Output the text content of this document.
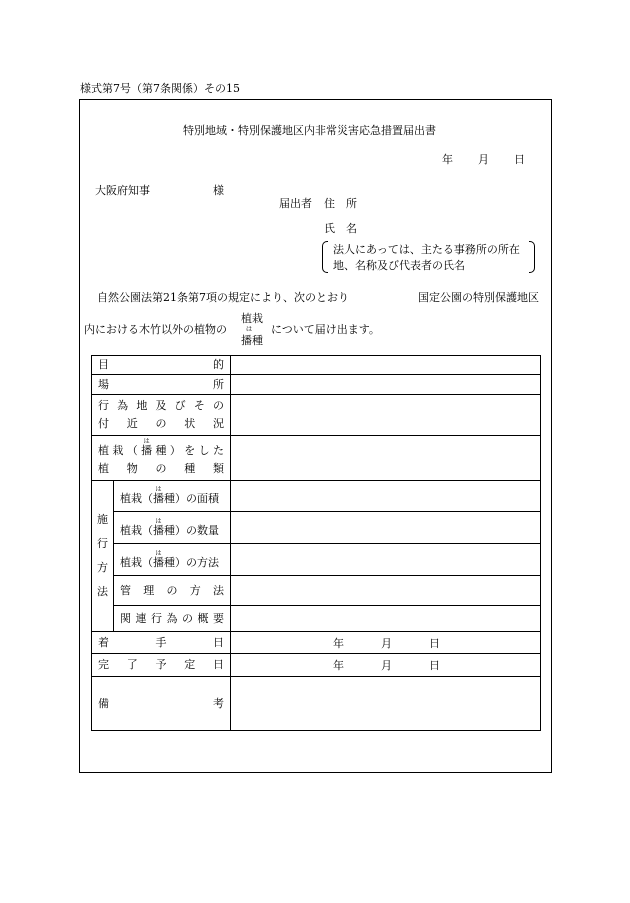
様式第7号（第7条関係）その15
特別地域・特別保護地区内非常災害応急措置届出書
年 月 日
大阪府知事	様
届出者 住　所
氏　名
法人にあっては、主たる事務所の所在
地、名称及び代表者の氏名
自然公園法第21条第7項の規定により、次のとおり	国定公園の特別保護地区
内における木竹以外の植物の
植栽
は
播種
について届け出ます。
目的		
場所		

行為地及びその
付近の状況		

植栽（播は種）をした
植物の種類		

施
行
方
法	植栽（播は種）の面積	
	植栽（播は種）の数量	
	植栽（播は種）の方法	
	管理の方法	
	関連行為の概要	
着手日		年 月 日

完了予定日		年 月 日

備考		
